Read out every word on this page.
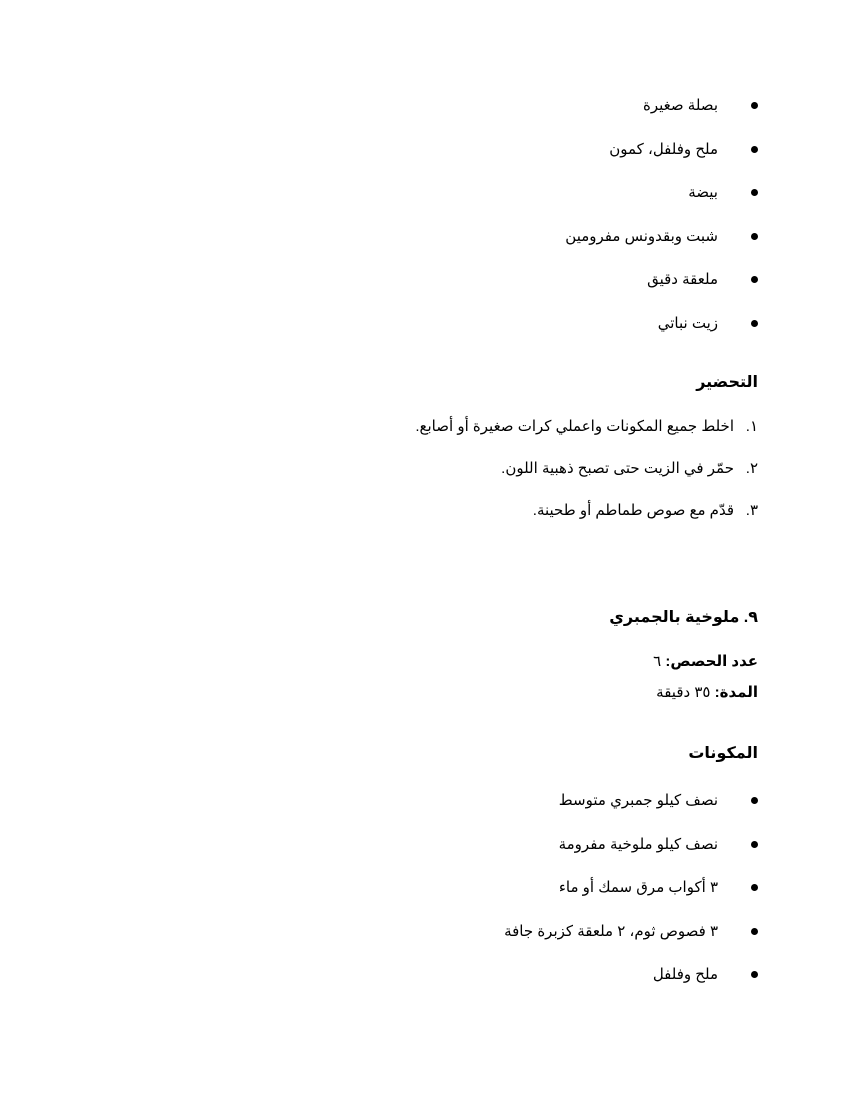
بصلة صغيرة
ملح وفلفل، كمون
بيضة
شبت وبقدونس مفرومين
ملعقة دقيق
زيت نباتي
التحضير
١.
اخلط جميع المكونات واعملي كرات صغيرة أو أصابع.
٢.
حمّر في الزيت حتى تصبح ذهبية اللون.
٣.
قدّم مع صوص طماطم أو طحينة.
٩. ملوخية بالجمبري
عدد الحصص: ٦
المدة: ٣٥ دقيقة
المكونات
نصف كيلو جمبري متوسط
نصف كيلو ملوخية مفرومة
٣ أكواب مرق سمك أو ماء
٣ فصوص ثوم، ٢ ملعقة كزبرة جافة
ملح وفلفل
